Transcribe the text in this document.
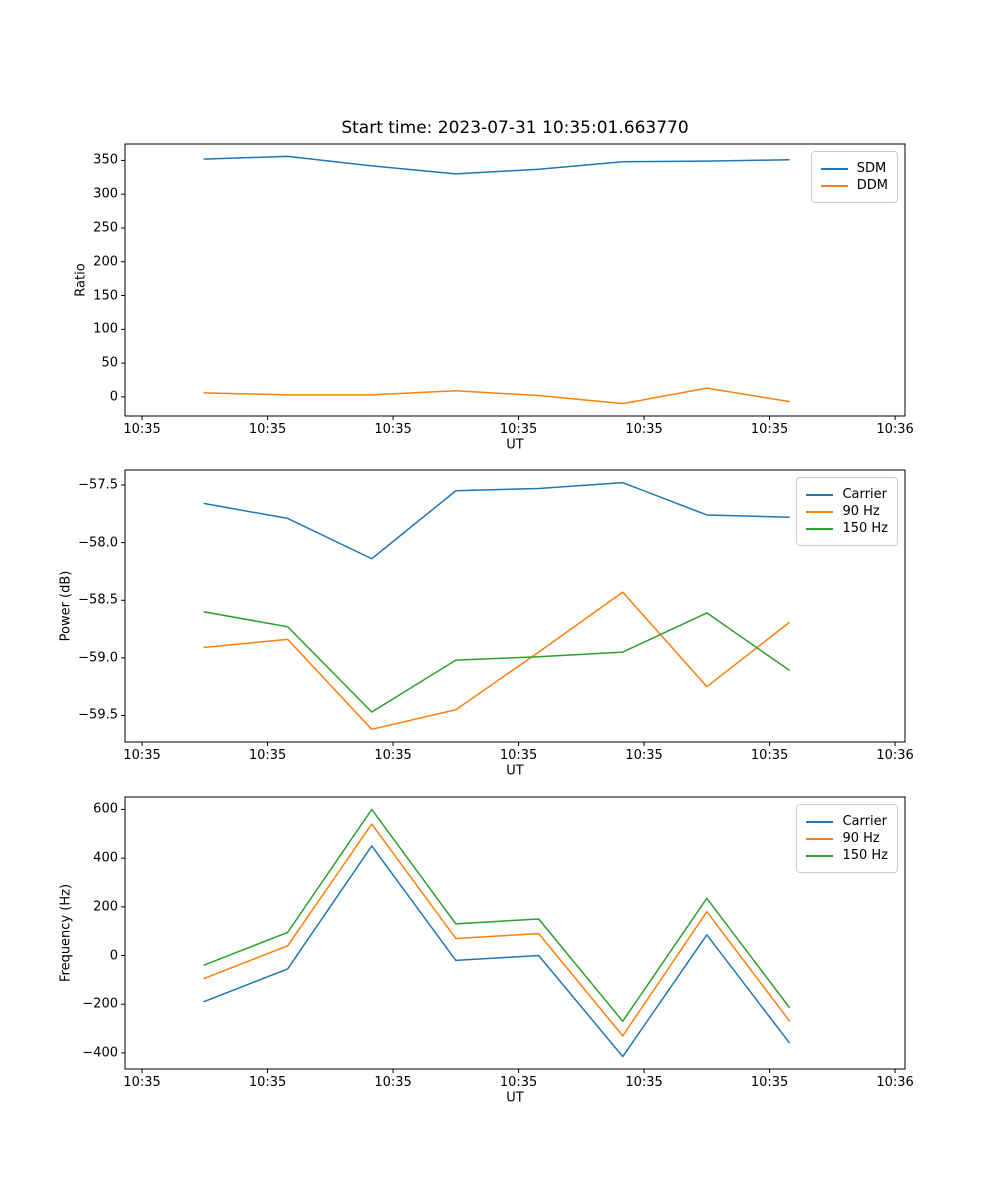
Start time: 2023-07-31 10:35:01.663770
Ratio
Power (dB)
Frequency (Hz)
UT
UT
UT
10:35	10:35	10:35	10:35	10:35	10:35	10:36
0
50
100
150
200
250
300
350
SDM
DDM
10:35	10:35	10:35	10:35	10:35	10:35	10:36
−59.5
−59.0
−58.5
−58.0
−57.5
Carrier
90 Hz
150 Hz
10:35	10:35	10:35	10:35	10:35	10:35	10:36
−400
−200
0
200
400
600
Carrier
90 Hz
150 Hz
